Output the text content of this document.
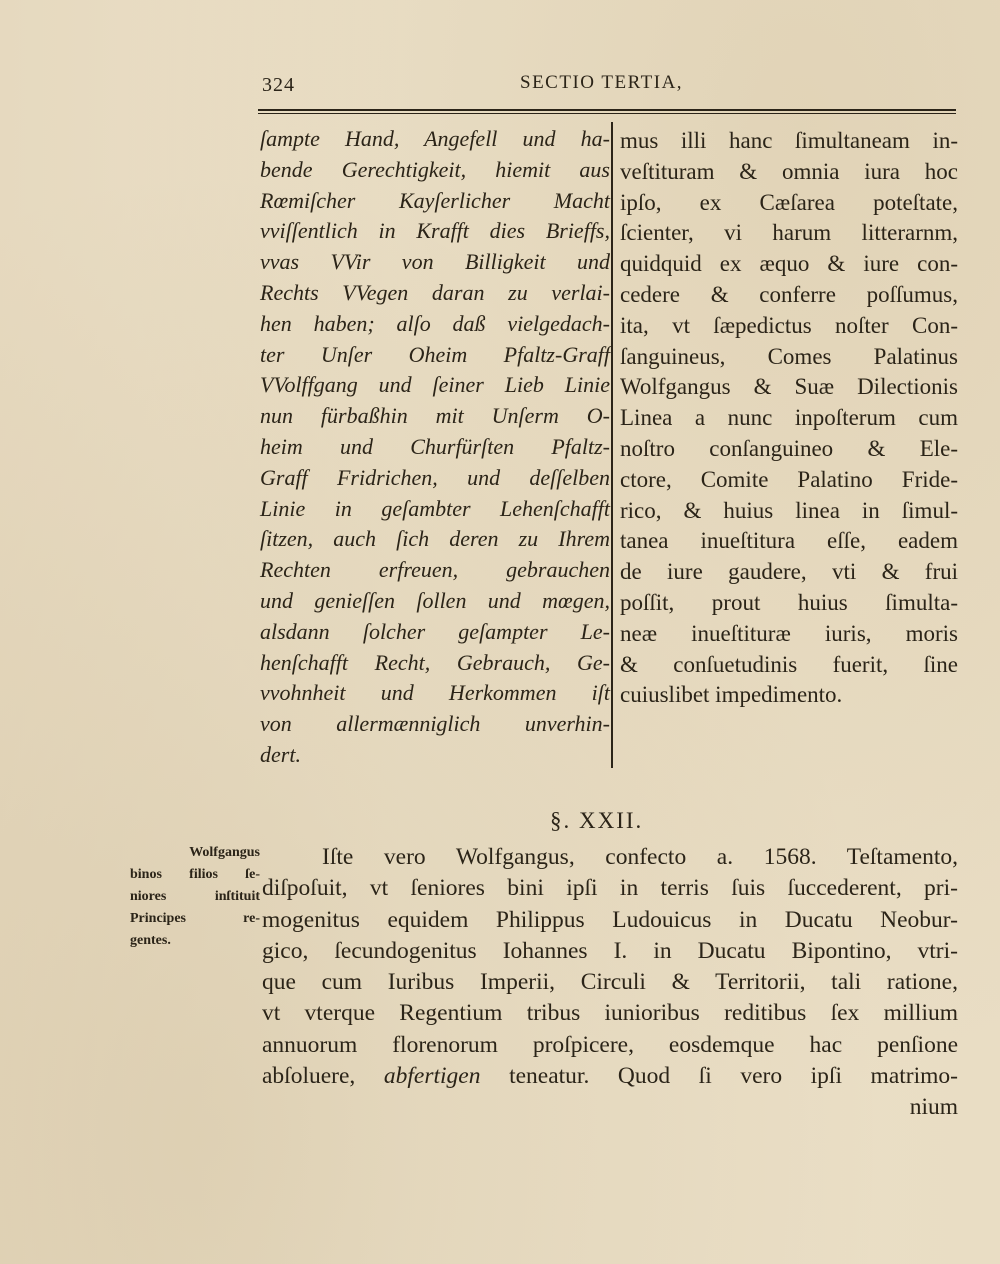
324	SECTIO TERTIA,
ſampte Hand, Angefell und ha-
bende Gerechtigkeit, hiemit aus
Rœmiſcher Kayſerlicher Macht
vviſſentlich in Krafft dies Brieffs,
vvas VVir von Billigkeit und
Rechts VVegen daran zu verlai-
hen haben; alſo daß vielgedach-
ter Unſer Oheim Pfaltz-Graff
VVolffgang und ſeiner Lieb Linie
nun fürbaßhin mit Unſerm O-
heim und Churfürſten Pfaltz-
Graff Fridrichen, und deſſelben
Linie in geſambter Lehenſchafft
ſitzen, auch ſich deren zu Ihrem
Rechten erfreuen, gebrauchen
und genieſſen ſollen und mœgen,
alsdann ſolcher geſampter Le-
henſchafft Recht, Gebrauch, Ge-
vvohnheit und Herkommen iſt
von allermænniglich unverhin-
dert.
mus illi hanc ſimultaneam in-
veſtituram & omnia iura hoc
ipſo, ex Cæſarea poteſtate,
ſcienter, vi harum litterarnm,
quidquid ex æquo & iure con-
cedere & conferre poſſumus,
ita, vt ſæpedictus noſter Con-
ſanguineus, Comes Palatinus
Wolfgangus & Suæ Dilectionis
Linea a nunc inpoſterum cum
noſtro conſanguineo & Ele-
ctore, Comite Palatino Fride-
rico, & huius linea in ſimul-
tanea inueſtitura eſſe, eadem
de iure gaudere, vti & frui
poſſit, prout huius ſimulta-
neæ inueſtituræ iuris, moris
& conſuetudinis fuerit, ſine
cuiuslibet impedimento.
§. XXII.
Wolfgangus
binos filios ſe-
niores inſtituit
Principes re-
gentes.
Iſte vero Wolfgangus, confecto a. 1568. Teſtamento,
diſpoſuit, vt ſeniores bini ipſi in terris ſuis ſuccederent, pri-
mogenitus equidem Philippus Ludouicus in Ducatu Neobur-
gico, ſecundogenitus Iohannes I. in Ducatu Bipontino, vtri-
que cum Iuribus Imperii, Circuli & Territorii, tali ratione,
vt vterque Regentium tribus iunioribus reditibus ſex millium
annuorum florenorum proſpicere, eosdemque hac penſione
abſoluere, abfertigen teneatur. Quod ſi vero ipſi matrimo-
nium
